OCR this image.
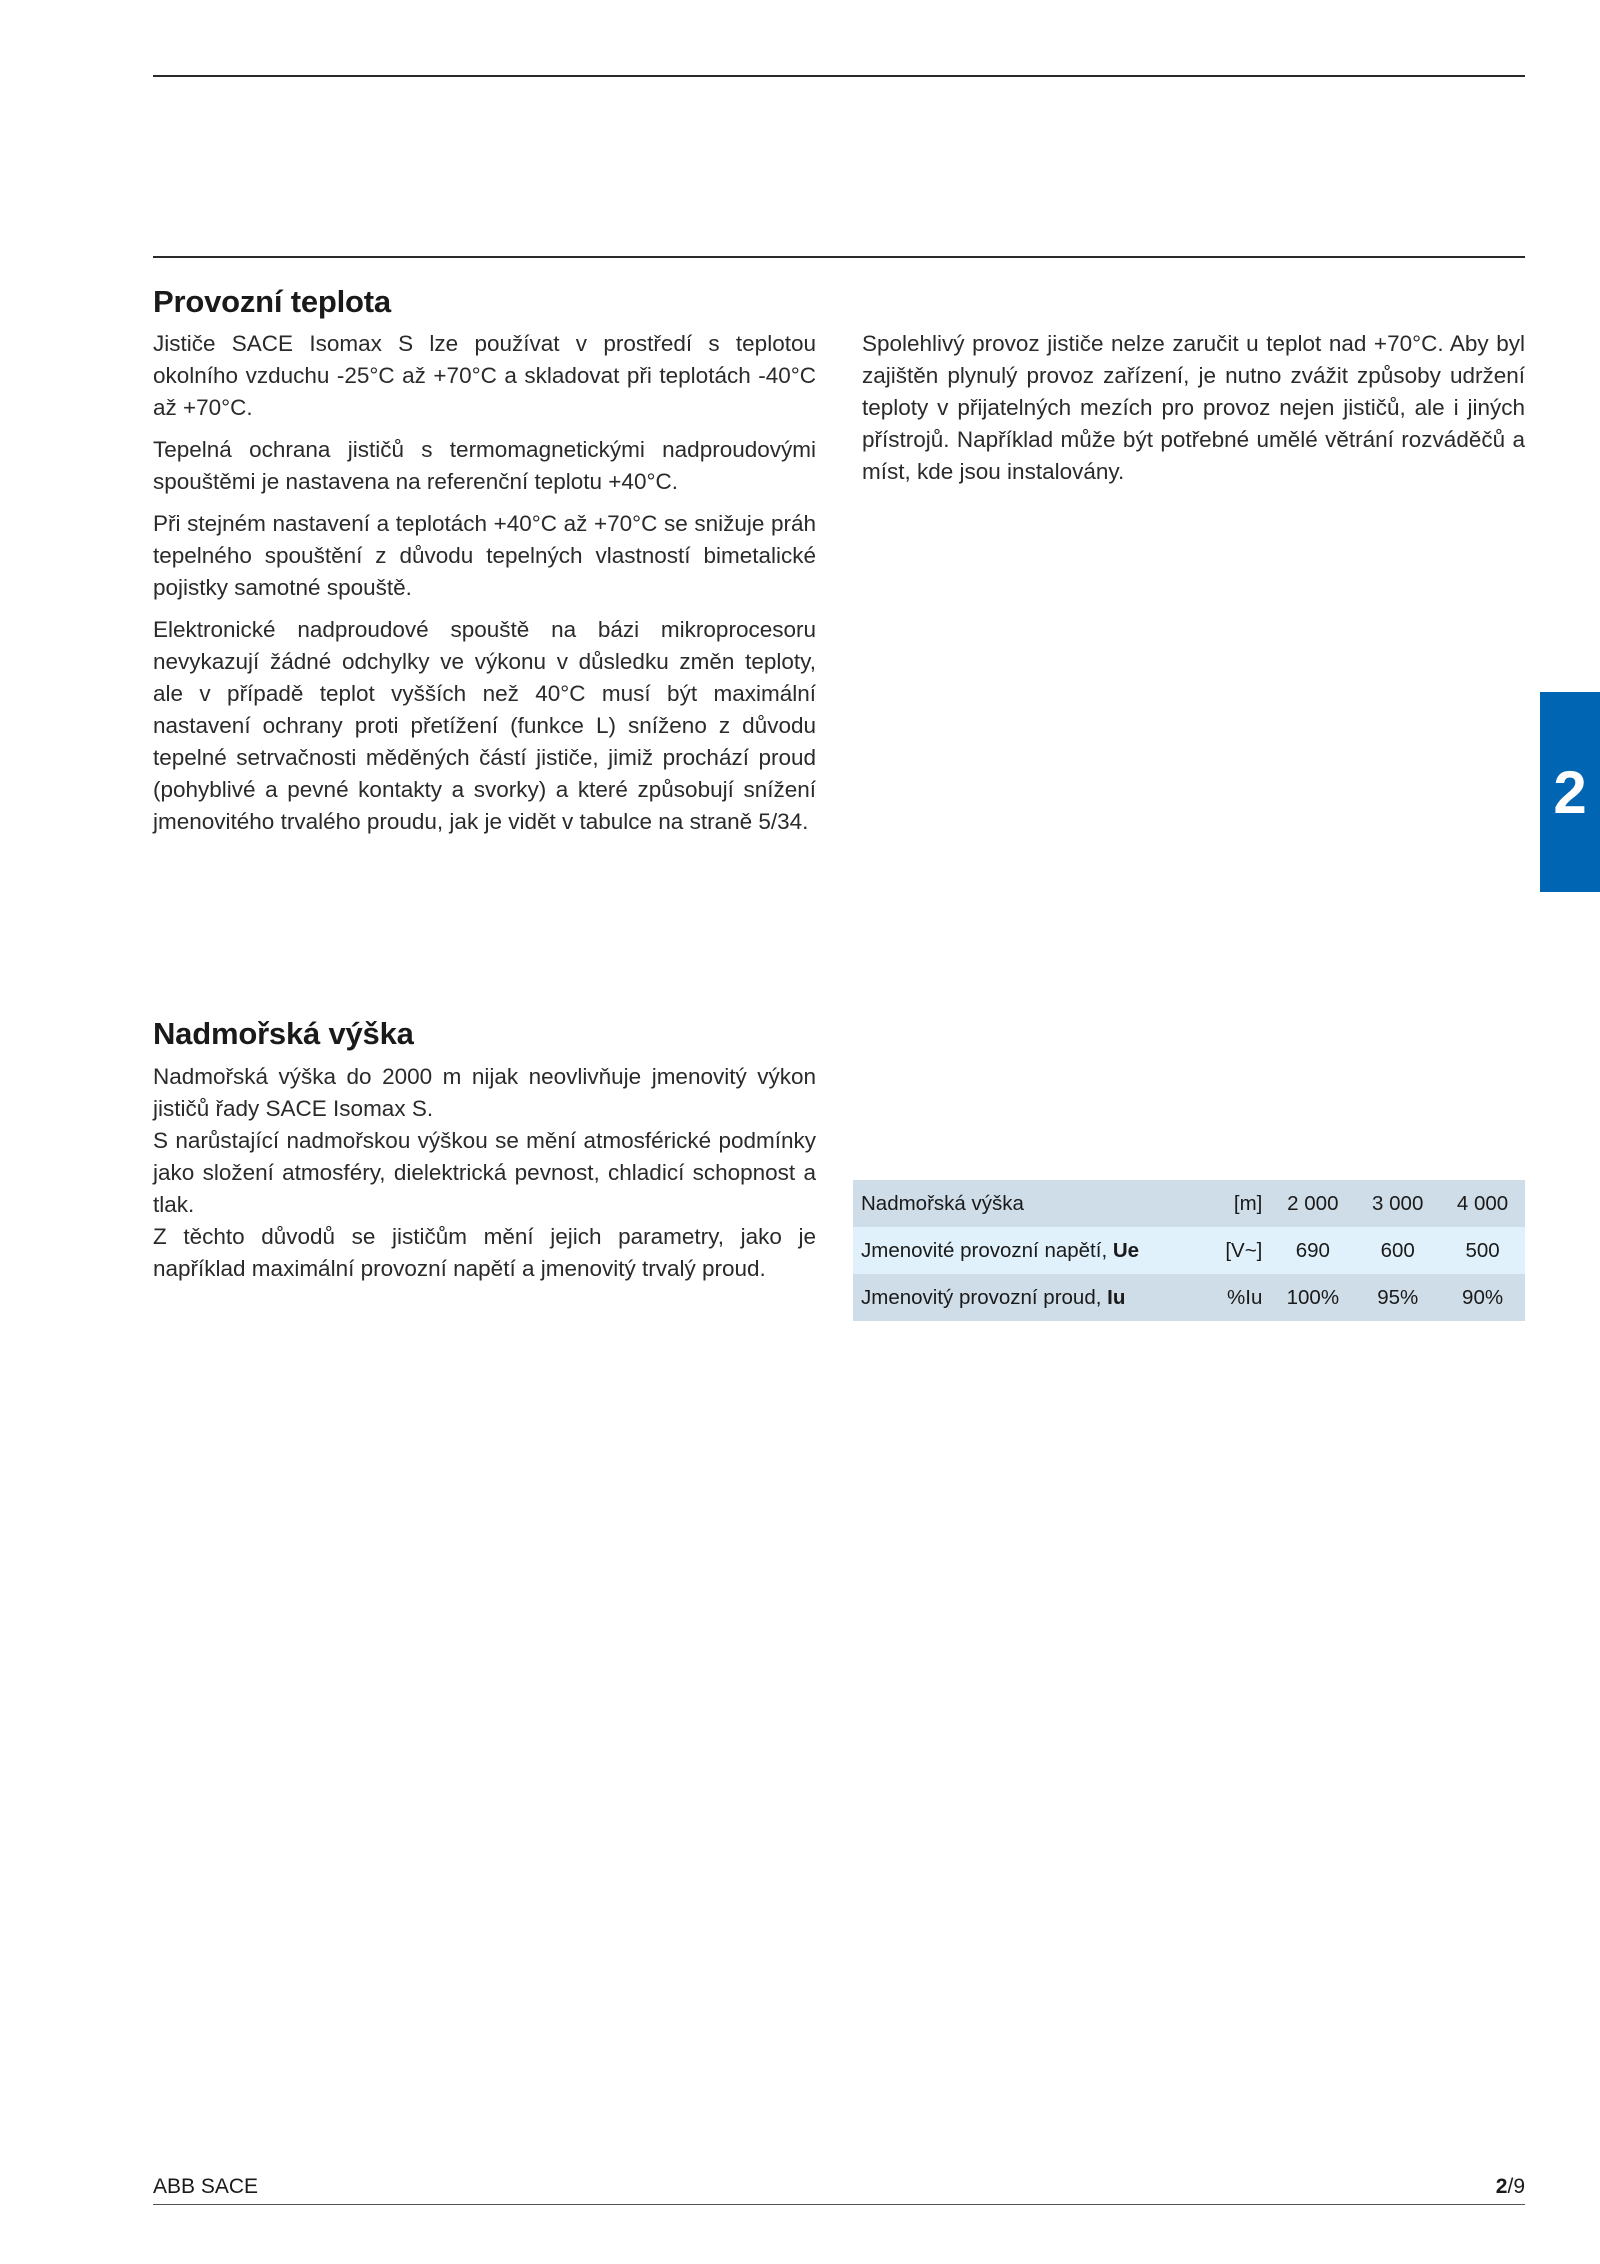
Provozní teplota

Jističe SACE Isomax S lze používat v prostředí s teplotou okolního vzduchu -25°C až +70°C a skladovat při teplotách -40°C až +70°C.

Tepelná ochrana jističů s termomagnetickými nadproudovými spouštěmi je nastavena na referenční teplotu +40°C.

Při stejném nastavení a teplotách +40°C až +70°C se snižuje práh tepelného spouštění z důvodu tepelných vlastností bimetalické pojistky samotné spouště.

Elektronické nadproudové spouště na bázi mikroprocesoru nevykazují žádné odchylky ve výkonu v důsledku změn teploty, ale v případě teplot vyšších než 40°C musí být maximální nastavení ochrany proti přetížení (funkce L) sníženo z důvodu tepelné setrvačnosti měděných částí jističe, jimiž prochází proud (pohyblivé a pevné kontakty a svorky) a které způsobují snížení jmenovitého trvalého proudu, jak je vidět v tabulce na straně 5/34.

Spolehlivý provoz jističe nelze zaručit u teplot nad +70°C. Aby byl zajištěn plynulý provoz zařízení, je nutno zvážit způsoby udržení teploty v přijatelných mezích pro provoz nejen jističů, ale i jiných přístrojů. Například může být potřebné umělé větrání rozváděčů a míst, kde jsou instalovány.

2
Nadmořská výška

Nadmořská výška do 2000 m nijak neovlivňuje jmenovitý výkon jističů řady SACE Isomax S.

S narůstající nadmořskou výškou se mění atmosférické podmínky jako složení atmosféry, dielektrická pevnost, chladicí schopnost a tlak.

Z těchto důvodů se jističům mění jejich parametry, jako je například maximální provozní napětí a jmenovitý trvalý proud.

Nadmořská výška	[m]	2 000	3 000	4 000
Jmenovité provozní napětí, Ue	[V~]	690	600	500
Jmenovitý provozní proud, Iu	%Iu	100%	95%	90%
ABB SACE	2/9
